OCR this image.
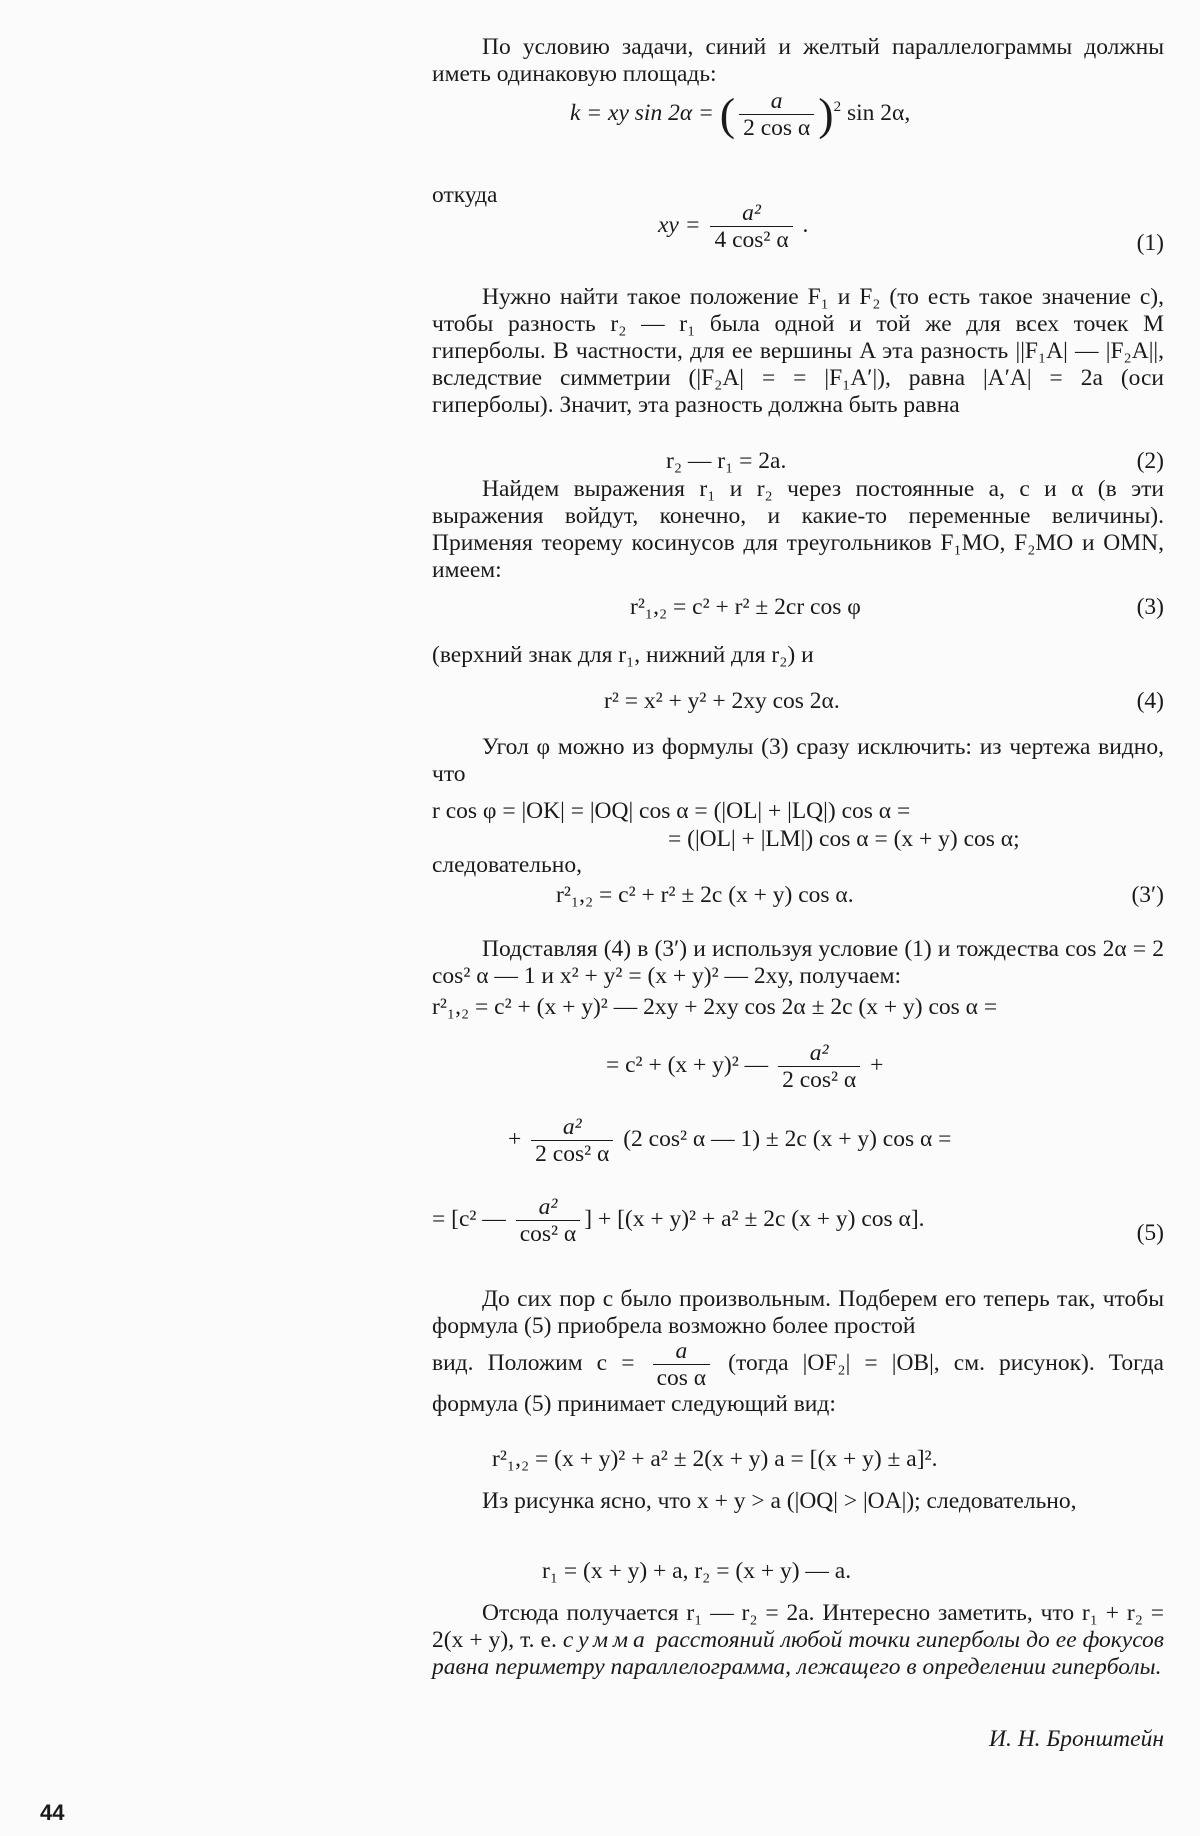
По условию задачи, синий и желтый параллелограммы должны иметь одинаковую площадь:
k = xy sin 2α = ( $\frac{a}{\text{2 cos α}} )^2$ sin 2α,
откуда
xy = $\frac{\text{a²}}{\text{4 cos² α}}$ .
(1)
Нужно найти такое положение F₁ и F₂ (то есть такое значение c), чтобы разность r₂ — r₁ была одной и той же для всех точек M гиперболы. В частности, для ее вершины A эта разность ||F₁A| — |F₂A||, вследствие симметрии (|F₂A| = = |F₁A′|), равна |A′A| = 2a (оси гиперболы). Значит, эта разность должна быть равна
r₂ — r₁ = 2a.	(2)
Найдем выражения r₁ и r₂ через постоянные a, c и α (в эти выражения войдут, конечно, и какие-то переменные величины). Применяя теорему косинусов для треугольников F₁MO, F₂MO и OMN, имеем:
r²₁,₂ = c² + r² ± 2cr cos φ	(3)
(верхний знак для r₁, нижний для r₂) и
r² = x² + y² + 2xy cos 2α.	(4)
Угол φ можно из формулы (3) сразу исключить: из чертежа видно, что
r cos φ = |OK| = |OQ| cos α = (|OL| + |LQ|) cos α =
= (|OL| + |LM|) cos α = (x + y) cos α;
следовательно,
r²₁,₂ = c² + r² ± 2c (x + y) cos α.	(3′)
Подставляя (4) в (3′) и используя условие (1) и тождества cos 2α = 2 cos² α — 1 и x² + y² = (x + y)² — 2xy, получаем:
r²₁,₂ = c² + (x + y)² — 2xy + 2xy cos 2α ± 2c (x + y) cos α =
= c² + (x + y)² — $\frac{\text{a²}}{\text{2 cos² α}}$ +
+ $\frac{\text{a²}}{\text{2 cos² α}} (2$ cos² α — 1) ± 2c (x + y) cos α =
= [c² — $\frac{\text{a²}}{\text{cos² α}}$ ] + [(x + y)² + a² ± 2c (x + y) cos α].
(5)
До сих пор c было произвольным. Подберем его теперь так, чтобы формула (5) приобрела возможно более простой
вид. Положим $c = \frac{a}{\text{cos α}}$ (тогда |OF₂| = |OB|, см. рисунок). Тогда формула (5) принимает следующий вид:
r²₁,₂ = (x + y)² + a² ± 2(x + y) a = [(x + y) ± a]².
Из рисунка ясно, что x + y > a (|OQ| > |OA|); следовательно,
r₁ = (x + y) + a, r₂ = (x + y) — a.
Отсюда получается r₁ — r₂ = 2a. Интересно заметить, что r₁ + r₂ = 2(x + y), т. е. сумма расстояний любой точки гиперболы до ее фокусов равна периметру параллелограмма, лежащего в определении гиперболы.
И. Н. Бронштейн
44
